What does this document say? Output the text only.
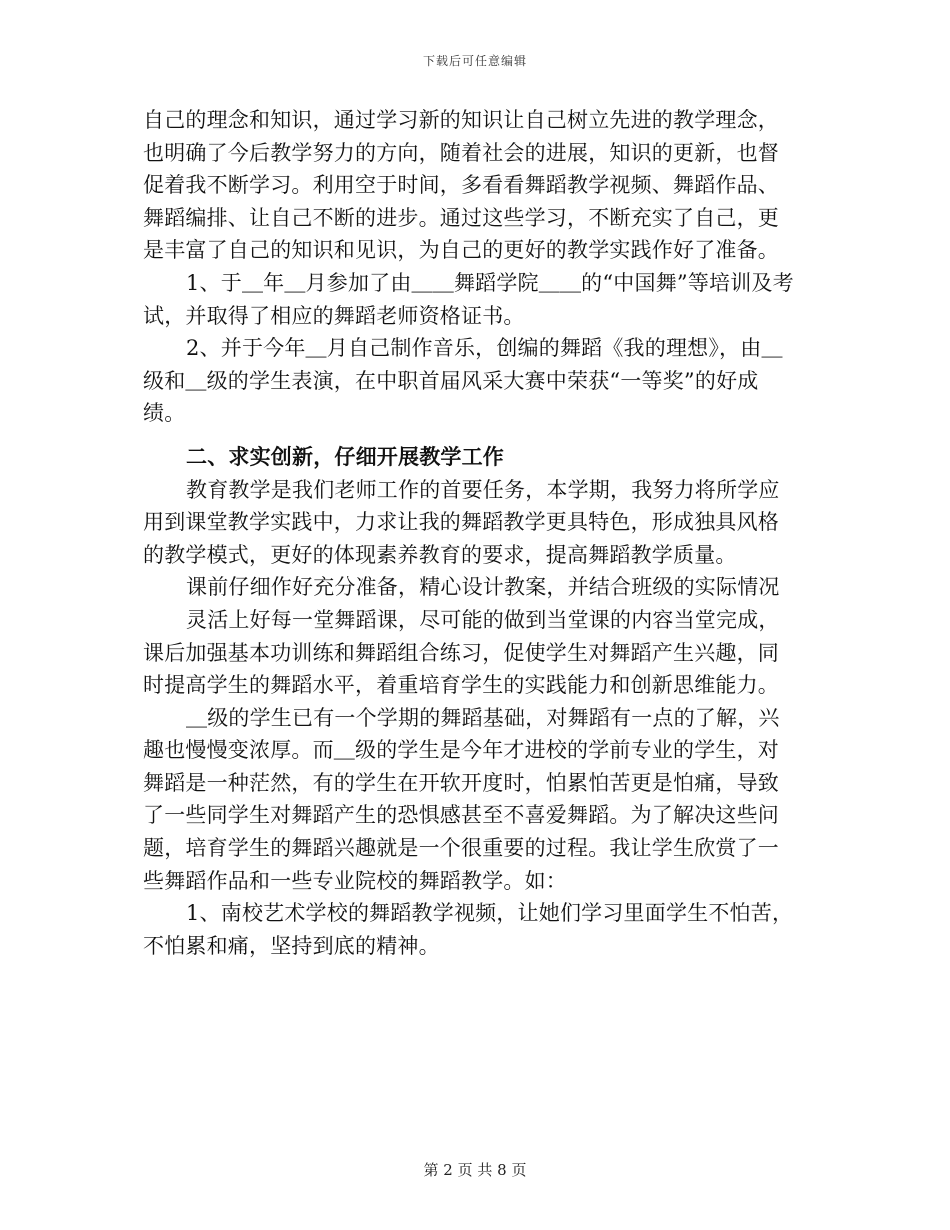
下载后可任意编辑
自己的理念和知识，通过学习新的知识让自己树立先进的教学理念，
也明确了今后教学努力的方向，随着社会的进展，知识的更新，也督
促着我不断学习。利用空于时间，多看看舞蹈教学视频、舞蹈作品、
舞蹈编排、让自己不断的进步。通过这些学习，不断充实了自己，更
是丰富了自己的知识和见识，为自己的更好的教学实践作好了准备。
1、于＿年＿月参加了由＿＿舞蹈学院＿＿的“中国舞”等培训及考
试，并取得了相应的舞蹈老师资格证书。
2、并于今年＿月自己制作音乐，创编的舞蹈《我的理想》，由＿
级和＿级的学生表演，在中职首届风采大赛中荣获“一等奖”的好成
绩。
二、求实创新，仔细开展教学工作
教育教学是我们老师工作的首要任务，本学期，我努力将所学应
用到课堂教学实践中，力求让我的舞蹈教学更具特色，形成独具风格
的教学模式，更好的体现素养教育的要求，提高舞蹈教学质量。
课前仔细作好充分准备，精心设计教案，并结合班级的实际情况
灵活上好每一堂舞蹈课，尽可能的做到当堂课的内容当堂完成，
课后加强基本功训练和舞蹈组合练习，促使学生对舞蹈产生兴趣，同
时提高学生的舞蹈水平，着重培育学生的实践能力和创新思维能力。
＿级的学生已有一个学期的舞蹈基础，对舞蹈有一点的了解，兴
趣也慢慢变浓厚。而＿级的学生是今年才进校的学前专业的学生，对
舞蹈是一种茫然，有的学生在开软开度时，怕累怕苦更是怕痛，导致
了一些同学生对舞蹈产生的恐惧感甚至不喜爱舞蹈。为了解决这些问
题，培育学生的舞蹈兴趣就是一个很重要的过程。我让学生欣赏了一
些舞蹈作品和一些专业院校的舞蹈教学。如：
1、南校艺术学校的舞蹈教学视频，让她们学习里面学生不怕苦，
不怕累和痛，坚持到底的精神。
第 2 页 共 8 页
